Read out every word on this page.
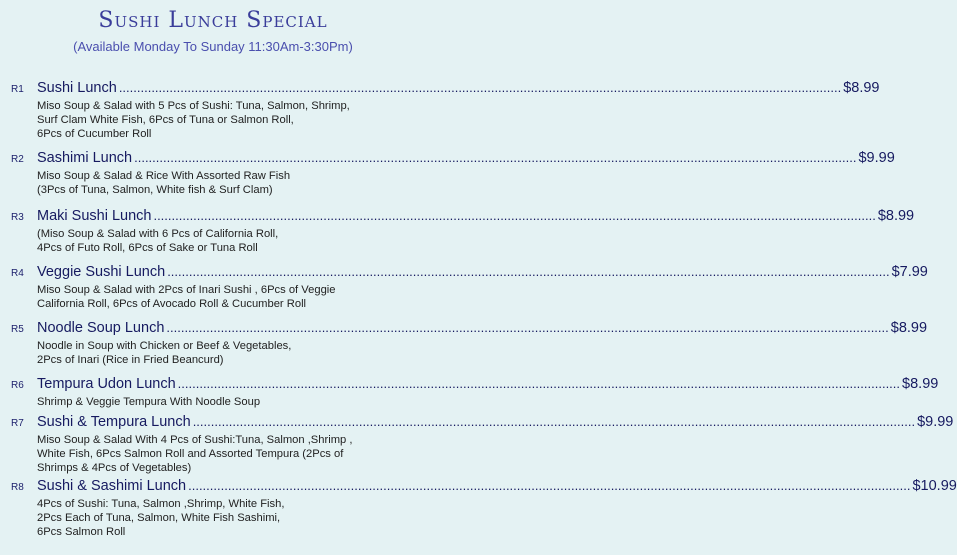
Sushi Lunch Special
(Available Monday To Sunday 11:30Am-3:30Pm)
R1 Sushi Lunch ........................................................................................................................................................................................................ $8.99
Miso Soup & Salad with 5 Pcs of Sushi: Tuna, Salmon, Shrimp,
Surf Clam White Fish, 6Pcs of Tuna or Salmon Roll,
6Pcs of Cucumber Roll
R2 Sashimi Lunch ........................................................................................................................................................................................................ $9.99
Miso Soup & Salad & Rice With Assorted Raw Fish
(3Pcs of Tuna, Salmon, White fish & Surf Clam)
R3 Maki Sushi Lunch ........................................................................................................................................................................................................ $8.99
(Miso Soup & Salad with 6 Pcs of California Roll,
4Pcs of Futo Roll, 6Pcs of Sake or Tuna Roll
R4 Veggie Sushi Lunch ........................................................................................................................................................................................................ $7.99
Miso Soup & Salad with 2Pcs of Inari Sushi , 6Pcs of Veggie
California Roll, 6Pcs of Avocado Roll & Cucumber Roll
R5 Noodle Soup Lunch ........................................................................................................................................................................................................ $8.99
Noodle in Soup with Chicken or Beef & Vegetables,
2Pcs of Inari (Rice in Fried Beancurd)
R6 Tempura Udon Lunch ........................................................................................................................................................................................................ $8.99
Shrimp & Veggie Tempura With Noodle Soup
R7 Sushi & Tempura Lunch ........................................................................................................................................................................................................ $9.99
Miso Soup & Salad With 4 Pcs of Sushi:Tuna, Salmon ,Shrimp ,
White Fish, 6Pcs Salmon Roll and Assorted Tempura (2Pcs of
Shrimps & 4Pcs of Vegetables)
R8 Sushi & Sashimi Lunch ........................................................................................................................................................................................................ $10.99
4Pcs of Sushi: Tuna, Salmon ,Shrimp, White Fish,
2Pcs Each of Tuna, Salmon, White Fish Sashimi,
6Pcs Salmon Roll
